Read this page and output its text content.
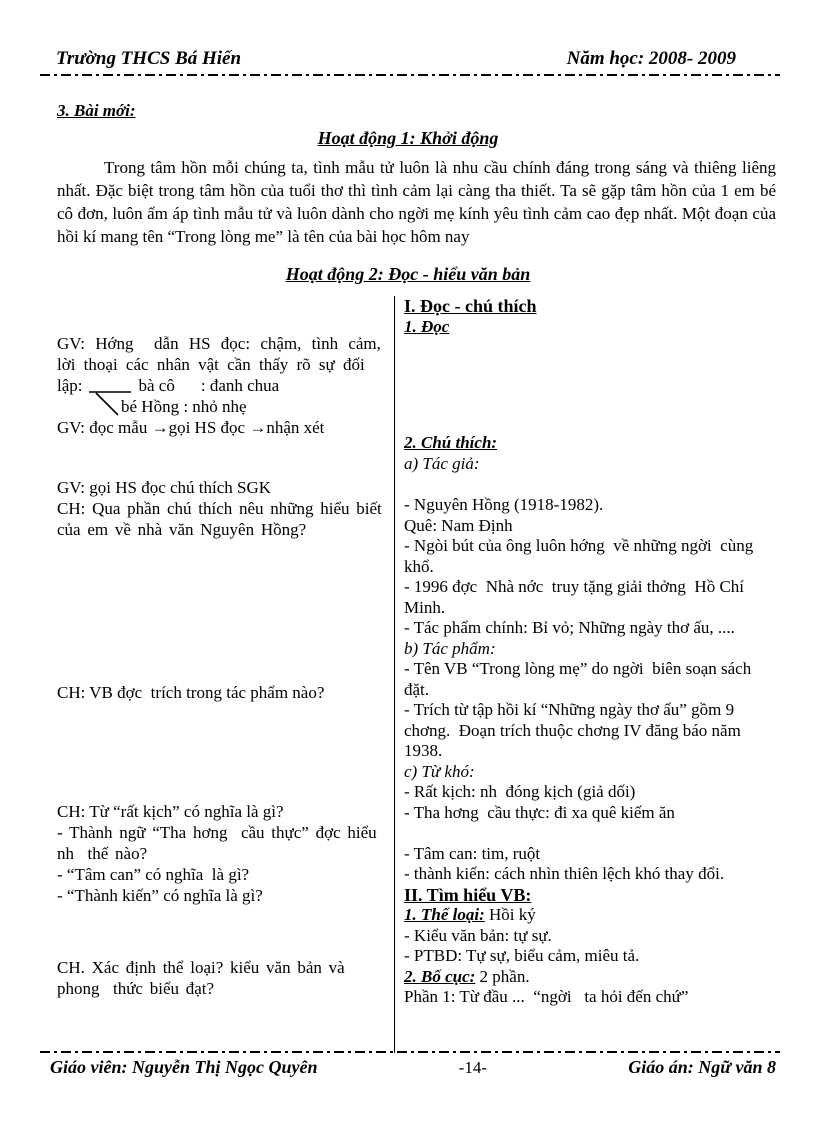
Trường THCS Bá Hiến	Năm học: 2008- 2009
3. Bài mới:
Hoạt động 1: Khởi động

Trong tâm hồn mỗi chúng ta, tình mẫu tử luôn là nhu cầu chính đáng trong sáng và thiêng liêng nhất. Đặc biệt trong tâm hồn của tuổi thơ thì tình cảm lại càng tha thiết. Ta sẽ gặp tâm hồn của 1 em bé cô đơn, luôn ấm áp tình mẫu tử và luôn dành cho ngời mẹ kính yêu tình cảm cao đẹp nhất. Một đoạn của hồi kí mang tên “Trong lòng me” là tên của bài học hôm nay

Hoạt động 2: Đọc - hiểu văn bản
GV: Hớng  dẫn HS đọc: chậm, tình cảm,
lời thoại các nhân vật cần thấy rõ sự đối
lập:	bà cô : đanh chua
bé Hồng : nhỏ nhẹ
GV: đọc mẫu →gọi HS đọc →nhận xét

GV: gọi HS đọc chú thích SGK

CH: Qua phần chú thích nêu những hiểu biết của em về nhà văn Nguyên Hồng?

CH: VB đợc  trích trong tác phẩm nào?

CH: Từ “rất kịch” có nghĩa là gì?

- Thành ngữ “Tha hơng  cầu thực” đợc hiểu nh  thế nào?

- “Tâm can” có nghĩa  là gì?

- “Thành kiến” có nghĩa là gì?

CH. Xác định thể loại? kiểu văn bản và phong  thức biểu đạt?

I. Đọc - chú thích
1. Đọc
2. Chú thích:
a) Tác giả:

- Nguyên Hồng (1918-1982).

Quê: Nam Định

- Ngòi bút của ông luôn hớng  về những ngời  cùng khổ.

- 1996 đợc  Nhà nớc  truy tặng giải thởng  Hồ Chí Minh.

- Tác phẩm chính: Bỉ vỏ; Những ngày thơ ấu, ....

b) Tác phẩm:

- Tên VB “Trong lòng mẹ” do ngời  biên soạn sách đặt.

- Trích từ tập hồi kí “Những ngày thơ ấu” gồm 9 chơng.  Đoạn trích thuộc chơng IV đăng báo năm 1938.

c) Từ khó:

- Rất kịch: nh  đóng kịch (giả dối)

- Tha hơng  cầu thực: đi xa quê kiếm ăn

- Tâm can: tim, ruột

- thành kiến: cách nhìn thiên lệch khó thay đổi.

II. Tìm hiểu VB:

1. Thể loại: Hồi ký

- Kiểu văn bản: tự sự.

- PTBD: Tự sự, biểu cảm, miêu tả.

2. Bố cục: 2 phần.

Phần 1: Từ đầu ...  “ngời   ta hỏi đến chứ”

Giáo viên: Nguyễn Thị Ngọc Quyên	-14-	Giáo án: Ngữ văn 8
